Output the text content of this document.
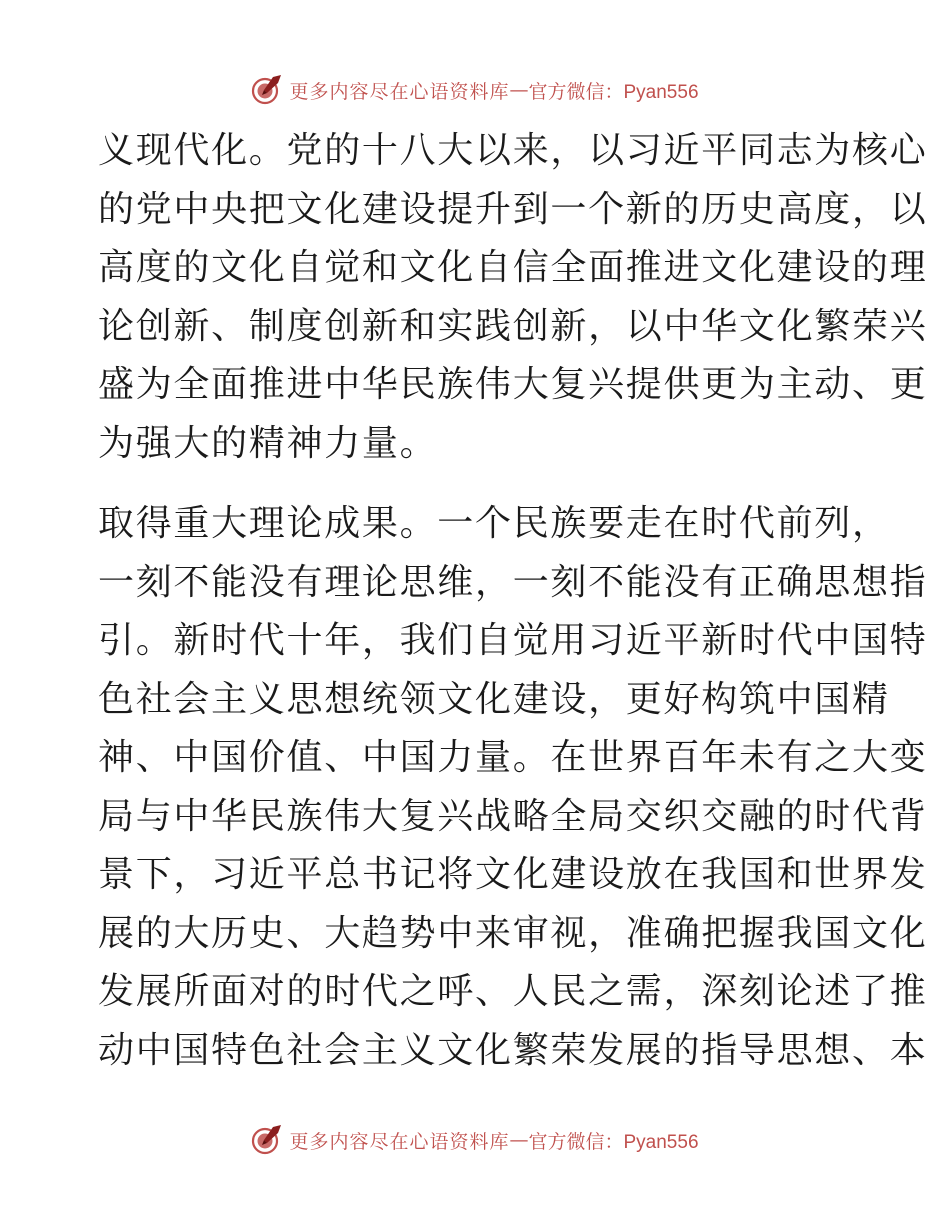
更多内容尽在心语资料库 — 官方微信：Pyan556

义现代化。党的十八大以来，以习近平同志为核心
的党中央把文化建设提升到一个新的历史高度，以
高度的文化自觉和文化自信全面推进文化建设的理
论创新、制度创新和实践创新，以中华文化繁荣兴
盛为全面推进中华民族伟大复兴提供更为主动、更
为强大的精神力量。

取得重大理论成果。一个民族要走在时代前列，
一刻不能没有理论思维，一刻不能没有正确思想指
引。新时代十年，我们自觉用习近平新时代中国特
色社会主义思想统领文化建设，更好构筑中国精
神、中国价值、中国力量。在世界百年未有之大变
局与中华民族伟大复兴战略全局交织交融的时代背
景下，习近平总书记将文化建设放在我国和世界发
展的大历史、大趋势中来审视，准确把握我国文化
发展所面对的时代之呼、人民之需，深刻论述了推
动中国特色社会主义文化繁荣发展的指导思想、本

更多内容尽在心语资料库 — 官方微信：Pyan556
